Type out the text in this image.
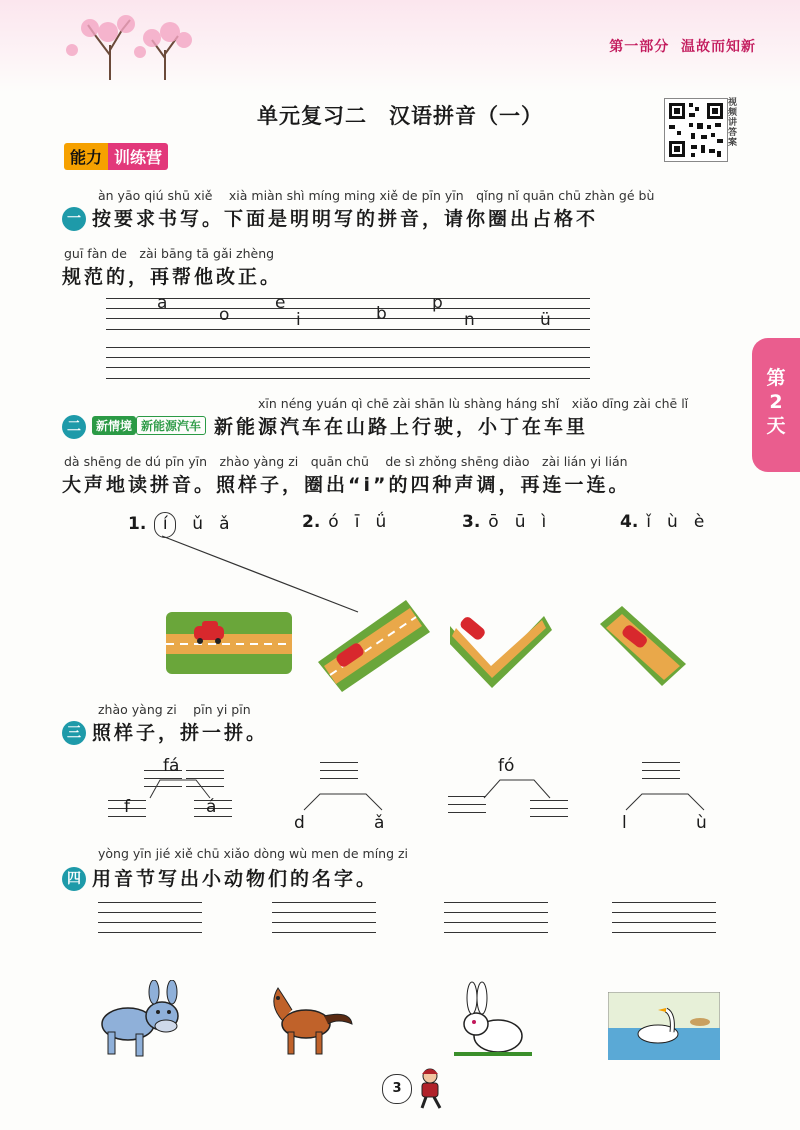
第一部分 温故而知新
单元复习二　汉语拼音（一）
视
频
讲
答
案
能力 训练营
第
2
天
àn yāo qiú shū xiě　 xià miàn shì míng ming xiě de pīn yīn　qǐng nǐ quān chū zhàn gé bù
一 按要求书写。下面是明明写的拼音，请你圈出占格不
guī fàn de　zài bāng tā gǎi zhèng
规范的，再帮他改正。
a
o
e
i	b
p
n	ü
xīn néng yuán qì chē zài shān lù shàng háng shǐ　xiǎo dīng zài chē lǐ
二 新情境 新能源汽车 新能源汽车在山路上行驶，小丁在车里
dà shēng de dú pīn yīn　zhào yàng zi　quān chū　 de sì zhǒng shēng diào　zài lián yi lián
大声地读拼音。照样子，圈出“i”的四种声调，再连一连。
1. í ǔ ǎ	2. ó ī ǘ	3. ō ū ì	4. ǐ ù è
zhào yàng zi　 pīn yi pīn
三 照样子，拼一拼。
fá
f	á
d	ǎ
fó
l	ù
yòng yīn jié xiě chū xiǎo dòng wù men de míng zi
四 用音节写出小动物们的名字。
3
